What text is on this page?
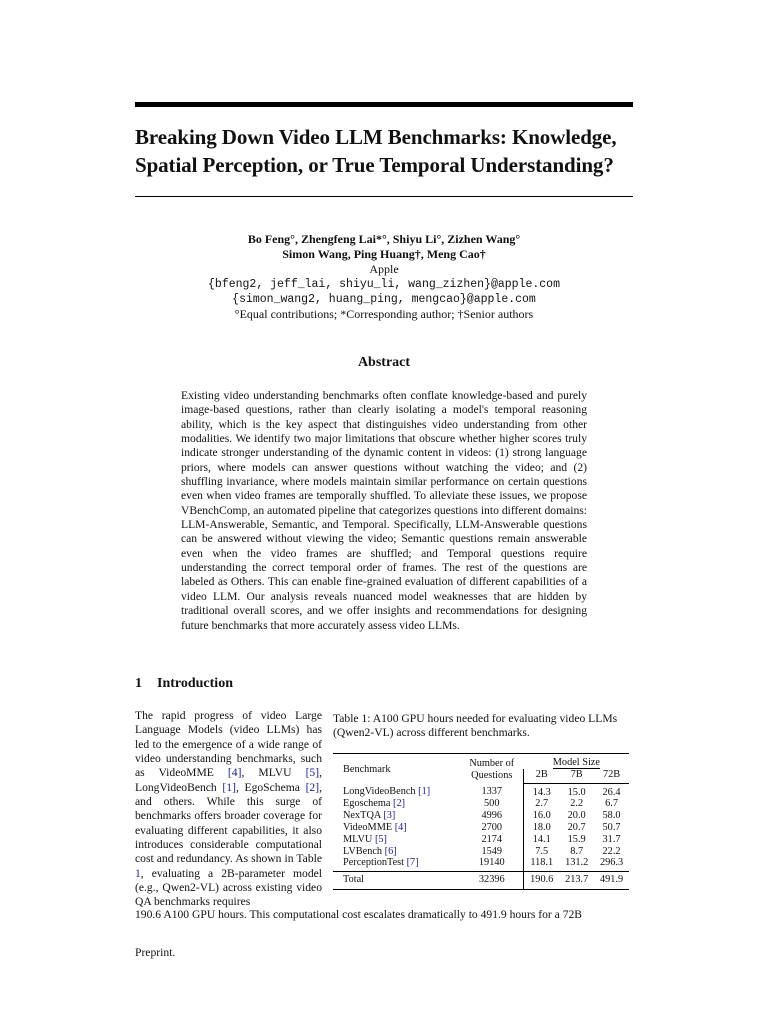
Breaking Down Video LLM Benchmarks: Knowledge,
Spatial Perception, or True Temporal Understanding?
Bo Feng°, Zhengfeng Lai*°, Shiyu Li°, Zizhen Wang°
Simon Wang, Ping Huang†, Meng Cao†
Apple
{bfeng2, jeff_lai, shiyu_li, wang_zizhen}@apple.com
{simon_wang2, huang_ping, mengcao}@apple.com
°Equal contributions; *Corresponding author; †Senior authors
Abstract

Existing video understanding benchmarks often conflate knowledge-based and purely image-based questions, rather than clearly isolating a model's temporal reasoning ability, which is the key aspect that distinguishes video understanding from other modalities. We identify two major limitations that obscure whether higher scores truly indicate stronger understanding of the dynamic content in videos: (1) strong language priors, where models can answer questions without watching the video; and (2) shuffling invariance, where models maintain similar performance on certain questions even when video frames are temporally shuffled. To alleviate these issues, we propose VBenchComp, an automated pipeline that categorizes questions into different domains: LLM-Answerable, Semantic, and Temporal. Specifically, LLM-Answerable questions can be answered without viewing the video; Semantic questions remain answerable even when the video frames are shuffled; and Temporal questions require understanding the correct temporal order of frames. The rest of the questions are labeled as Others. This can enable fine-grained evaluation of different capabilities of a video LLM. Our analysis reveals nuanced model weaknesses that are hidden by traditional overall scores, and we offer insights and recommendations for designing future benchmarks that more accurately assess video LLMs.

1 Introduction

The rapid progress of video Large Language Models (video LLMs) has led to the emergence of a wide range of video understanding benchmarks, such as VideoMME [4], MLVU [5], LongVideoBench [1], EgoSchema [2], and others. While this surge of benchmarks offers broader coverage for evaluating different capabilities, it also introduces considerable computational cost and redundancy. As shown in Table 1, evaluating a 2B-parameter model (e.g., Qwen2-VL) across existing video QA benchmarks requires

190.6 A100 GPU hours. This computational cost escalates dramatically to 491.9 hours for a 72B

Table 1: A100 GPU hours needed for evaluating video LLMs (Qwen2-VL) across different benchmarks.

Benchmark	Number of
Questions	Model Size		
		2B	7B	72B
LongVideoBench [1]	1337	14.3	15.0	26.4
Egoschema [2]	500	2.7	2.2	6.7
NexTQA [3]	4996	16.0	20.0	58.0
VideoMME [4]	2700	18.0	20.7	50.7
MLVU [5]	2174	14.1	15.9	31.7
LVBench [6]	1549	7.5	8.7	22.2
PerceptionTest [7]	19140	118.1	131.2	296.3
Total	32396	190.6	213.7	491.9
Preprint.
